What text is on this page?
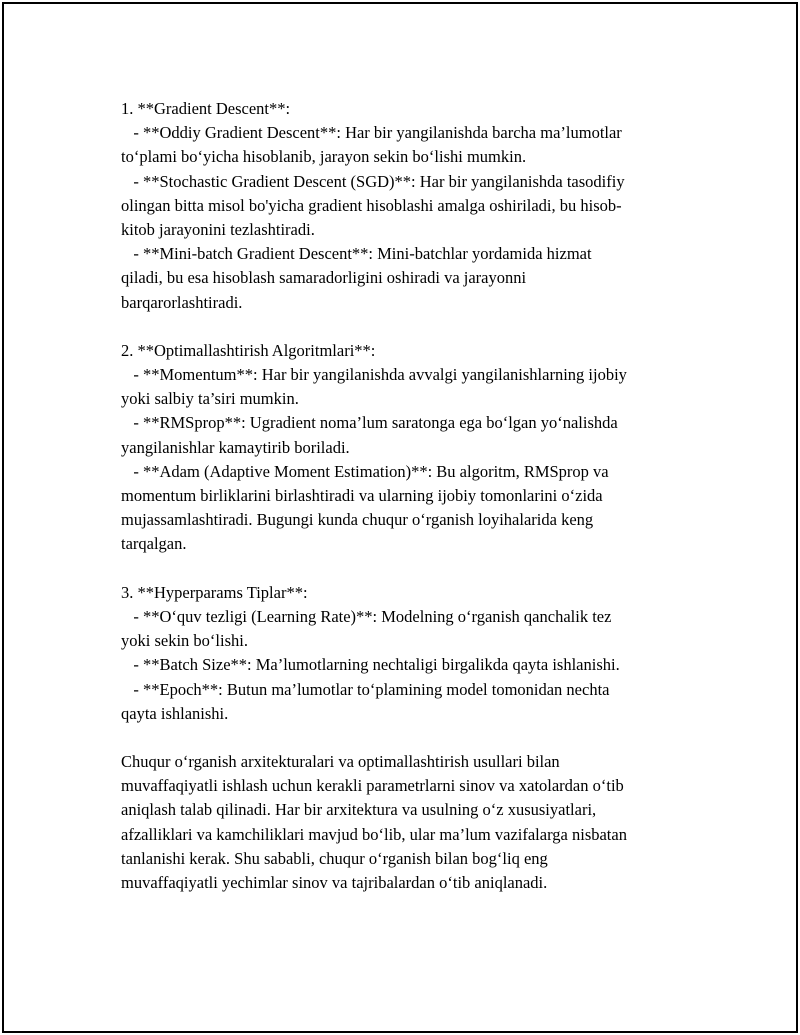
1. **Gradient Descent**:
- **Oddiy Gradient Descent**: Har bir yangilanishda barcha ma’lumotlar
to‘plami bo‘yicha hisoblanib, jarayon sekin bo‘lishi mumkin.
- **Stochastic Gradient Descent (SGD)**: Har bir yangilanishda tasodifiy
olingan bitta misol bo'yicha gradient hisoblashi amalga oshiriladi, bu hisob-
kitob jarayonini tezlashtiradi.
- **Mini-batch Gradient Descent**: Mini-batchlar yordamida hizmat
qiladi, bu esa hisoblash samaradorligini oshiradi va jarayonni
barqarorlashtiradi.
2. **Optimallashtirish Algoritmlari**:
- **Momentum**: Har bir yangilanishda avvalgi yangilanishlarning ijobiy
yoki salbiy ta’siri mumkin.
- **RMSprop**: Ugradient noma’lum saratonga ega bo‘lgan yo‘nalishda
yangilanishlar kamaytirib boriladi.
- **Adam (Adaptive Moment Estimation)**: Bu algoritm, RMSprop va
momentum birliklarini birlashtiradi va ularning ijobiy tomonlarini o‘zida
mujassamlashtiradi. Bugungi kunda chuqur o‘rganish loyihalarida keng
tarqalgan.
3. **Hyperparams Tiplar**:
- **O‘quv tezligi (Learning Rate)**: Modelning o‘rganish qanchalik tez
yoki sekin bo‘lishi.
- **Batch Size**: Ma’lumotlarning nechtaligi birgalikda qayta ishlanishi.
- **Epoch**: Butun ma’lumotlar to‘plamining model tomonidan nechta
qayta ishlanishi.
Chuqur o‘rganish arxitekturalari va optimallashtirish usullari bilan
muvaffaqiyatli ishlash uchun kerakli parametrlarni sinov va xatolardan o‘tib
aniqlash talab qilinadi. Har bir arxitektura va usulning o‘z xususiyatlari,
afzalliklari va kamchiliklari mavjud bo‘lib, ular ma’lum vazifalarga nisbatan
tanlanishi kerak. Shu sababli, chuqur o‘rganish bilan bog‘liq eng
muvaffaqiyatli yechimlar sinov va tajribalardan o‘tib aniqlanadi.
